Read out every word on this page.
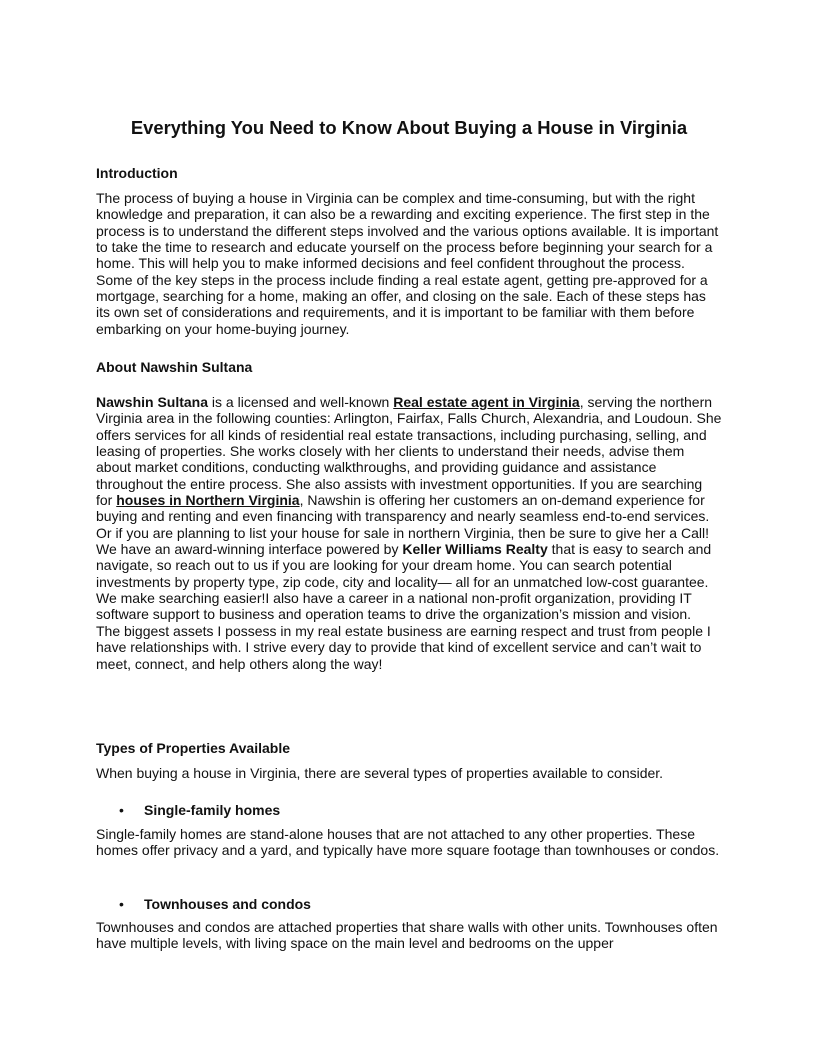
Everything You Need to Know About Buying a House in Virginia
Introduction

The process of buying a house in Virginia can be complex and time-consuming, but with the right knowledge and preparation, it can also be a rewarding and exciting experience. The first step in the process is to understand the different steps involved and the various options available. It is important to take the time to research and educate yourself on the process before beginning your search for a home. This will help you to make informed decisions and feel confident throughout the process. Some of the key steps in the process include finding a real estate agent, getting pre-approved for a mortgage, searching for a home, making an offer, and closing on the sale. Each of these steps has its own set of considerations and requirements, and it is important to be familiar with them before embarking on your home-buying journey.

About Nawshin Sultana

Nawshin Sultana is a licensed and well-known Real estate agent in Virginia, serving the northern Virginia area in the following counties: Arlington, Fairfax, Falls Church, Alexandria, and Loudoun. She offers services for all kinds of residential real estate transactions, including purchasing, selling, and leasing of properties. She works closely with her clients to understand their needs, advise them about market conditions, conducting walkthroughs, and providing guidance and assistance throughout the entire process. She also assists with investment opportunities. If you are searching for houses in Northern Virginia, Nawshin is offering her customers an on-demand experience for buying and renting and even financing with transparency and nearly seamless end-to-end services. Or if you are planning to list your house for sale in northern Virginia, then be sure to give her a Call! We have an award-winning interface powered by Keller Williams Realty that is easy to search and navigate, so reach out to us if you are looking for your dream home. You can search potential investments by property type, zip code, city and locality— all for an unmatched low-cost guarantee. We make searching easier!I also have a career in a national non-profit organization, providing IT software support to business and operation teams to drive the organization’s mission and vision.
The biggest assets I possess in my real estate business are earning respect and trust from people I have relationships with. I strive every day to provide that kind of excellent service and can’t wait to meet, connect, and help others along the way!

Types of Properties Available

When buying a house in Virginia, there are several types of properties available to consider.

• Single-family homes

Single-family homes are stand-alone houses that are not attached to any other properties. These homes offer privacy and a yard, and typically have more square footage than townhouses or condos.

• Townhouses and condos

Townhouses and condos are attached properties that share walls with other units. Townhouses often have multiple levels, with living space on the main level and bedrooms on the upper
